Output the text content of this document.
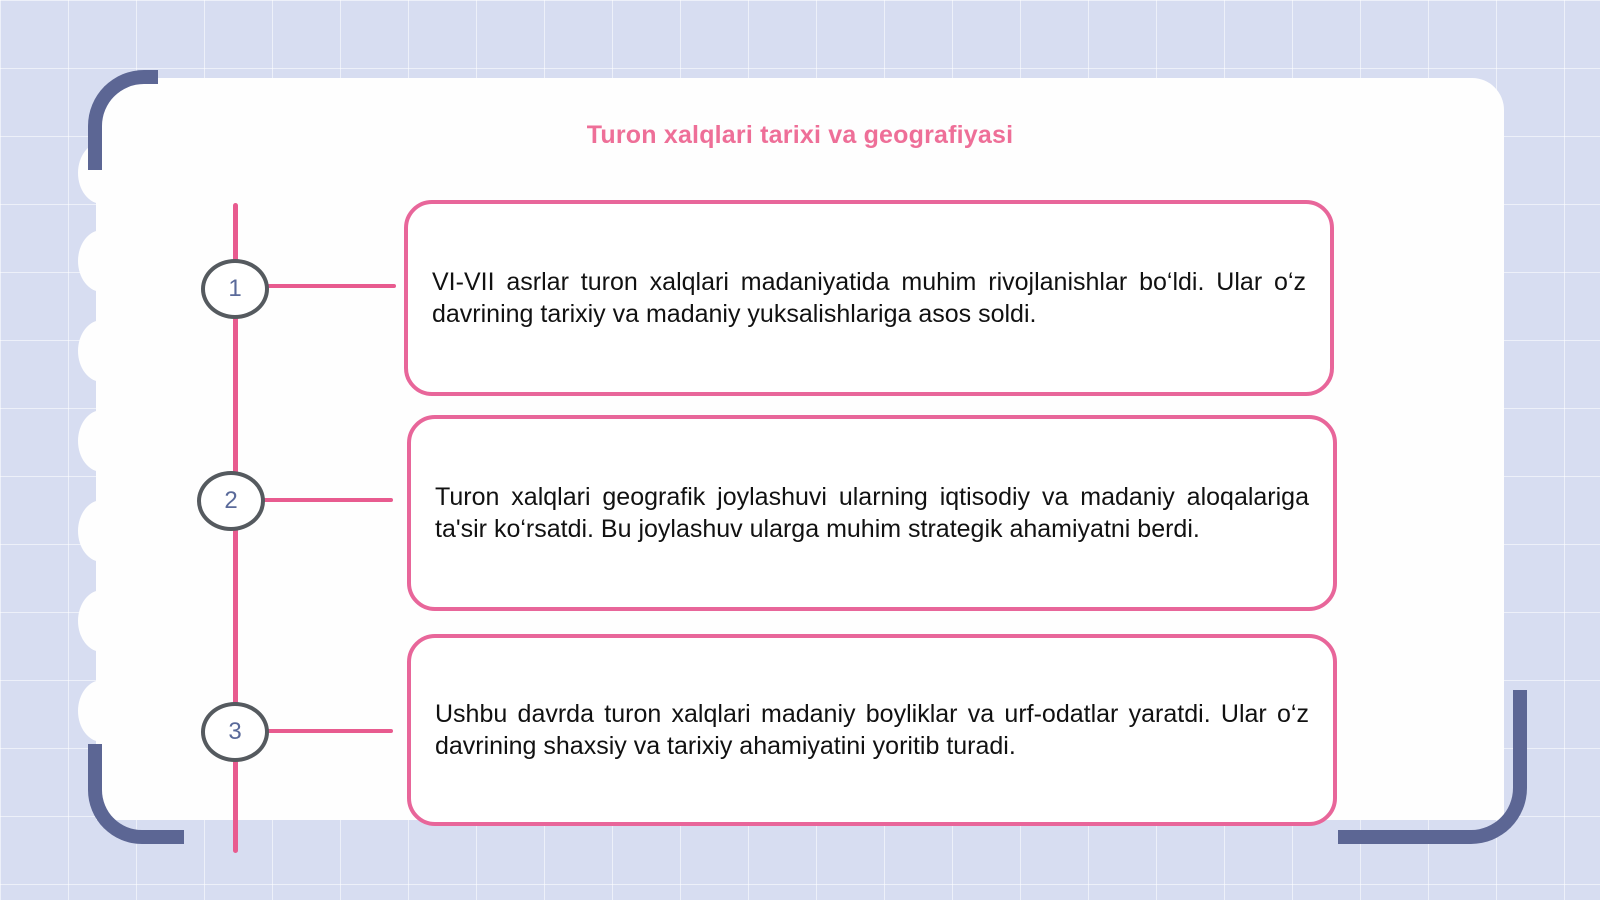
Turon xalqlari tarixi va geografiyasi
1	VI-VII asrlar turon xalqlari madaniyatida muhim rivojlanishlar bo‘ldi. Ular o‘z davrining tarixiy va madaniy yuksalishlariga asos soldi.
2	Turon xalqlari geografik joylashuvi ularning iqtisodiy va madaniy aloqalariga ta'sir ko‘rsatdi. Bu joylashuv ularga muhim strategik ahamiyatni berdi.
3
Ushbu davrda turon xalqlari madaniy boyliklar va urf-odatlar yaratdi. Ular o‘z davrining shaxsiy va tarixiy ahamiyatini yoritib turadi.
